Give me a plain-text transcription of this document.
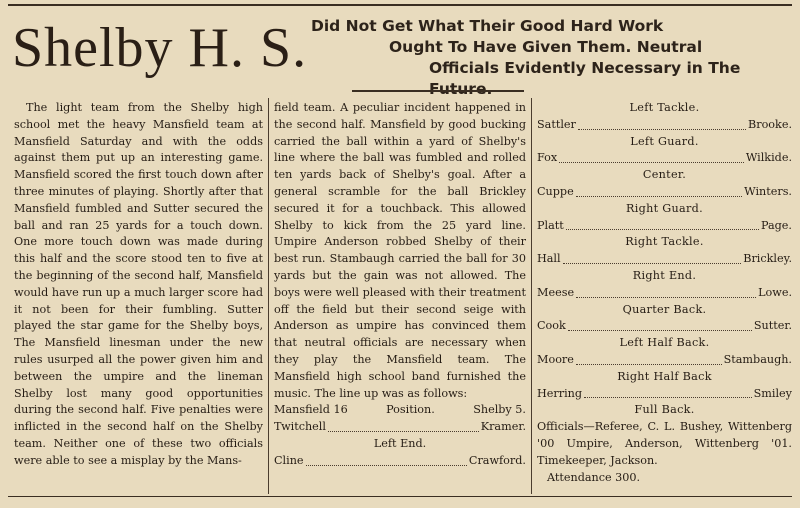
Shelby H. S. Did Not Get What Their Good Hard Work
Ought To Have Given Them. Neutral
Officials Evidently Necessary in The Future.
The light team from the Shelby high school met the heavy Mansfield team at Mansfield Saturday and with the odds against them put up an interesting game. Mansfield scored the first touch down after three minutes of playing. Shortly after that Mansfield fumbled and Sutter secured the ball and ran 25 yards for a touch down. One more touch down was made during this half and the score stood ten to five at the beginning of the second half, Mansfield would have run up a much larger score had it not been for their fumbling. Sutter played the star game for the Shelby boys, The Mansfield linesman under the new rules usurped all the power given him and between the umpire and the lineman Shelby lost many good opportunities during the second half. Five penalties were inflicted in the second half on the Shelby team. Neither one of these two officials were able to see a misplay by the Mans-
field team. A peculiar incident happened in the second half. Mansfield by good bucking carried the ball within a yard of Shelby's line where the ball was fumbled and rolled ten yards back of Shelby's goal. After a general scramble for the ball Brickley secured it for a touchback. This allowed Shelby to kick from the 25 yard line. Umpire Anderson robbed Shelby of their best run. Stambaugh carried the ball for 30 yards but the gain was not allowed. The boys were well pleased with their treatment off the field but their second seige with Anderson as umpire has convinced them that neutral officials are necessary when they play the Mansfield team. The Mansfield high school band furnished the music. The line up was as follows:
Mansfield 16	Position.	Shelby 5.
Twitchell	Kramer.
Left End.
Cline	Crawford.
Left Tackle.
Sattler	Brooke.
Left Guard.
Fox	Wilkide.
Center.
Cuppe	Winters.
Right Guard.
Platt	Page.
Right Tackle.
Hall	Brickley.
Right End.
Meese	Lowe.
Quarter Back.
Cook	Sutter.
Left Half Back.
Moore	Stambaugh.
Right Half Back
Herring	Smiley
Full Back.
Officials—Referee, C. L. Bushey, Wittenberg '00 Umpire, Anderson, Wittenberg '01. Timekeeper, Jackson.
Attendance 300.
